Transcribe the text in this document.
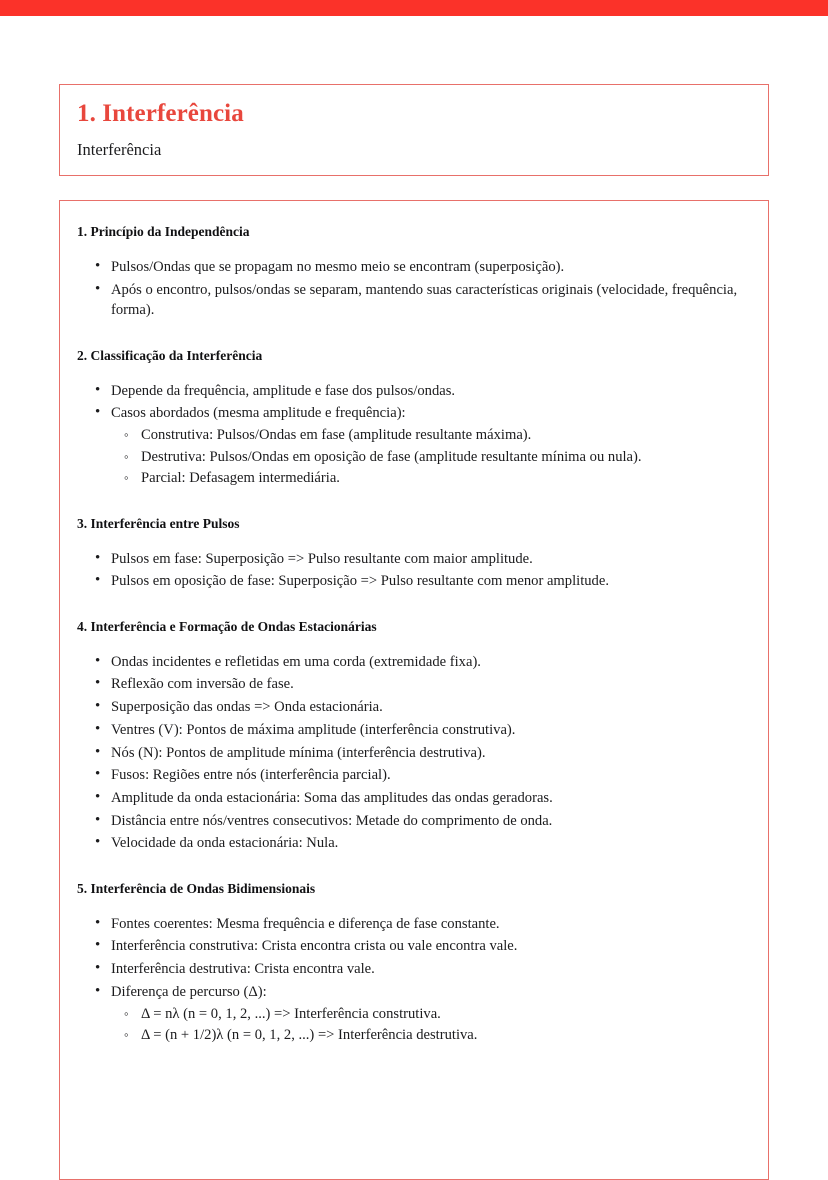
1. Interferência
Interferência
1. Princípio da Independência
• Pulsos/Ondas que se propagam no mesmo meio se encontram (superposição).
• Após o encontro, pulsos/ondas se separam, mantendo suas características originais (velocidade, frequência, forma).
2. Classificação da Interferência
• Depende da frequência, amplitude e fase dos pulsos/ondas.
• Casos abordados (mesma amplitude e frequência):
◦ Construtiva: Pulsos/Ondas em fase (amplitude resultante máxima).
◦ Destrutiva: Pulsos/Ondas em oposição de fase (amplitude resultante mínima ou nula).
◦ Parcial: Defasagem intermediária.
3. Interferência entre Pulsos
• Pulsos em fase: Superposição => Pulso resultante com maior amplitude.
• Pulsos em oposição de fase: Superposição => Pulso resultante com menor amplitude.
4. Interferência e Formação de Ondas Estacionárias
• Ondas incidentes e refletidas em uma corda (extremidade fixa).
• Reflexão com inversão de fase.
• Superposição das ondas => Onda estacionária.
• Ventres (V): Pontos de máxima amplitude (interferência construtiva).
• Nós (N): Pontos de amplitude mínima (interferência destrutiva).
• Fusos: Regiões entre nós (interferência parcial).
• Amplitude da onda estacionária: Soma das amplitudes das ondas geradoras.
• Distância entre nós/ventres consecutivos: Metade do comprimento de onda.
• Velocidade da onda estacionária: Nula.
5. Interferência de Ondas Bidimensionais
• Fontes coerentes: Mesma frequência e diferença de fase constante.
• Interferência construtiva: Crista encontra crista ou vale encontra vale.
• Interferência destrutiva: Crista encontra vale.
• Diferença de percurso (Δ):
◦ Δ = nλ (n = 0, 1, 2, ...) => Interferência construtiva.
◦ Δ = (n + 1/2)λ (n = 0, 1, 2, ...) => Interferência destrutiva.
